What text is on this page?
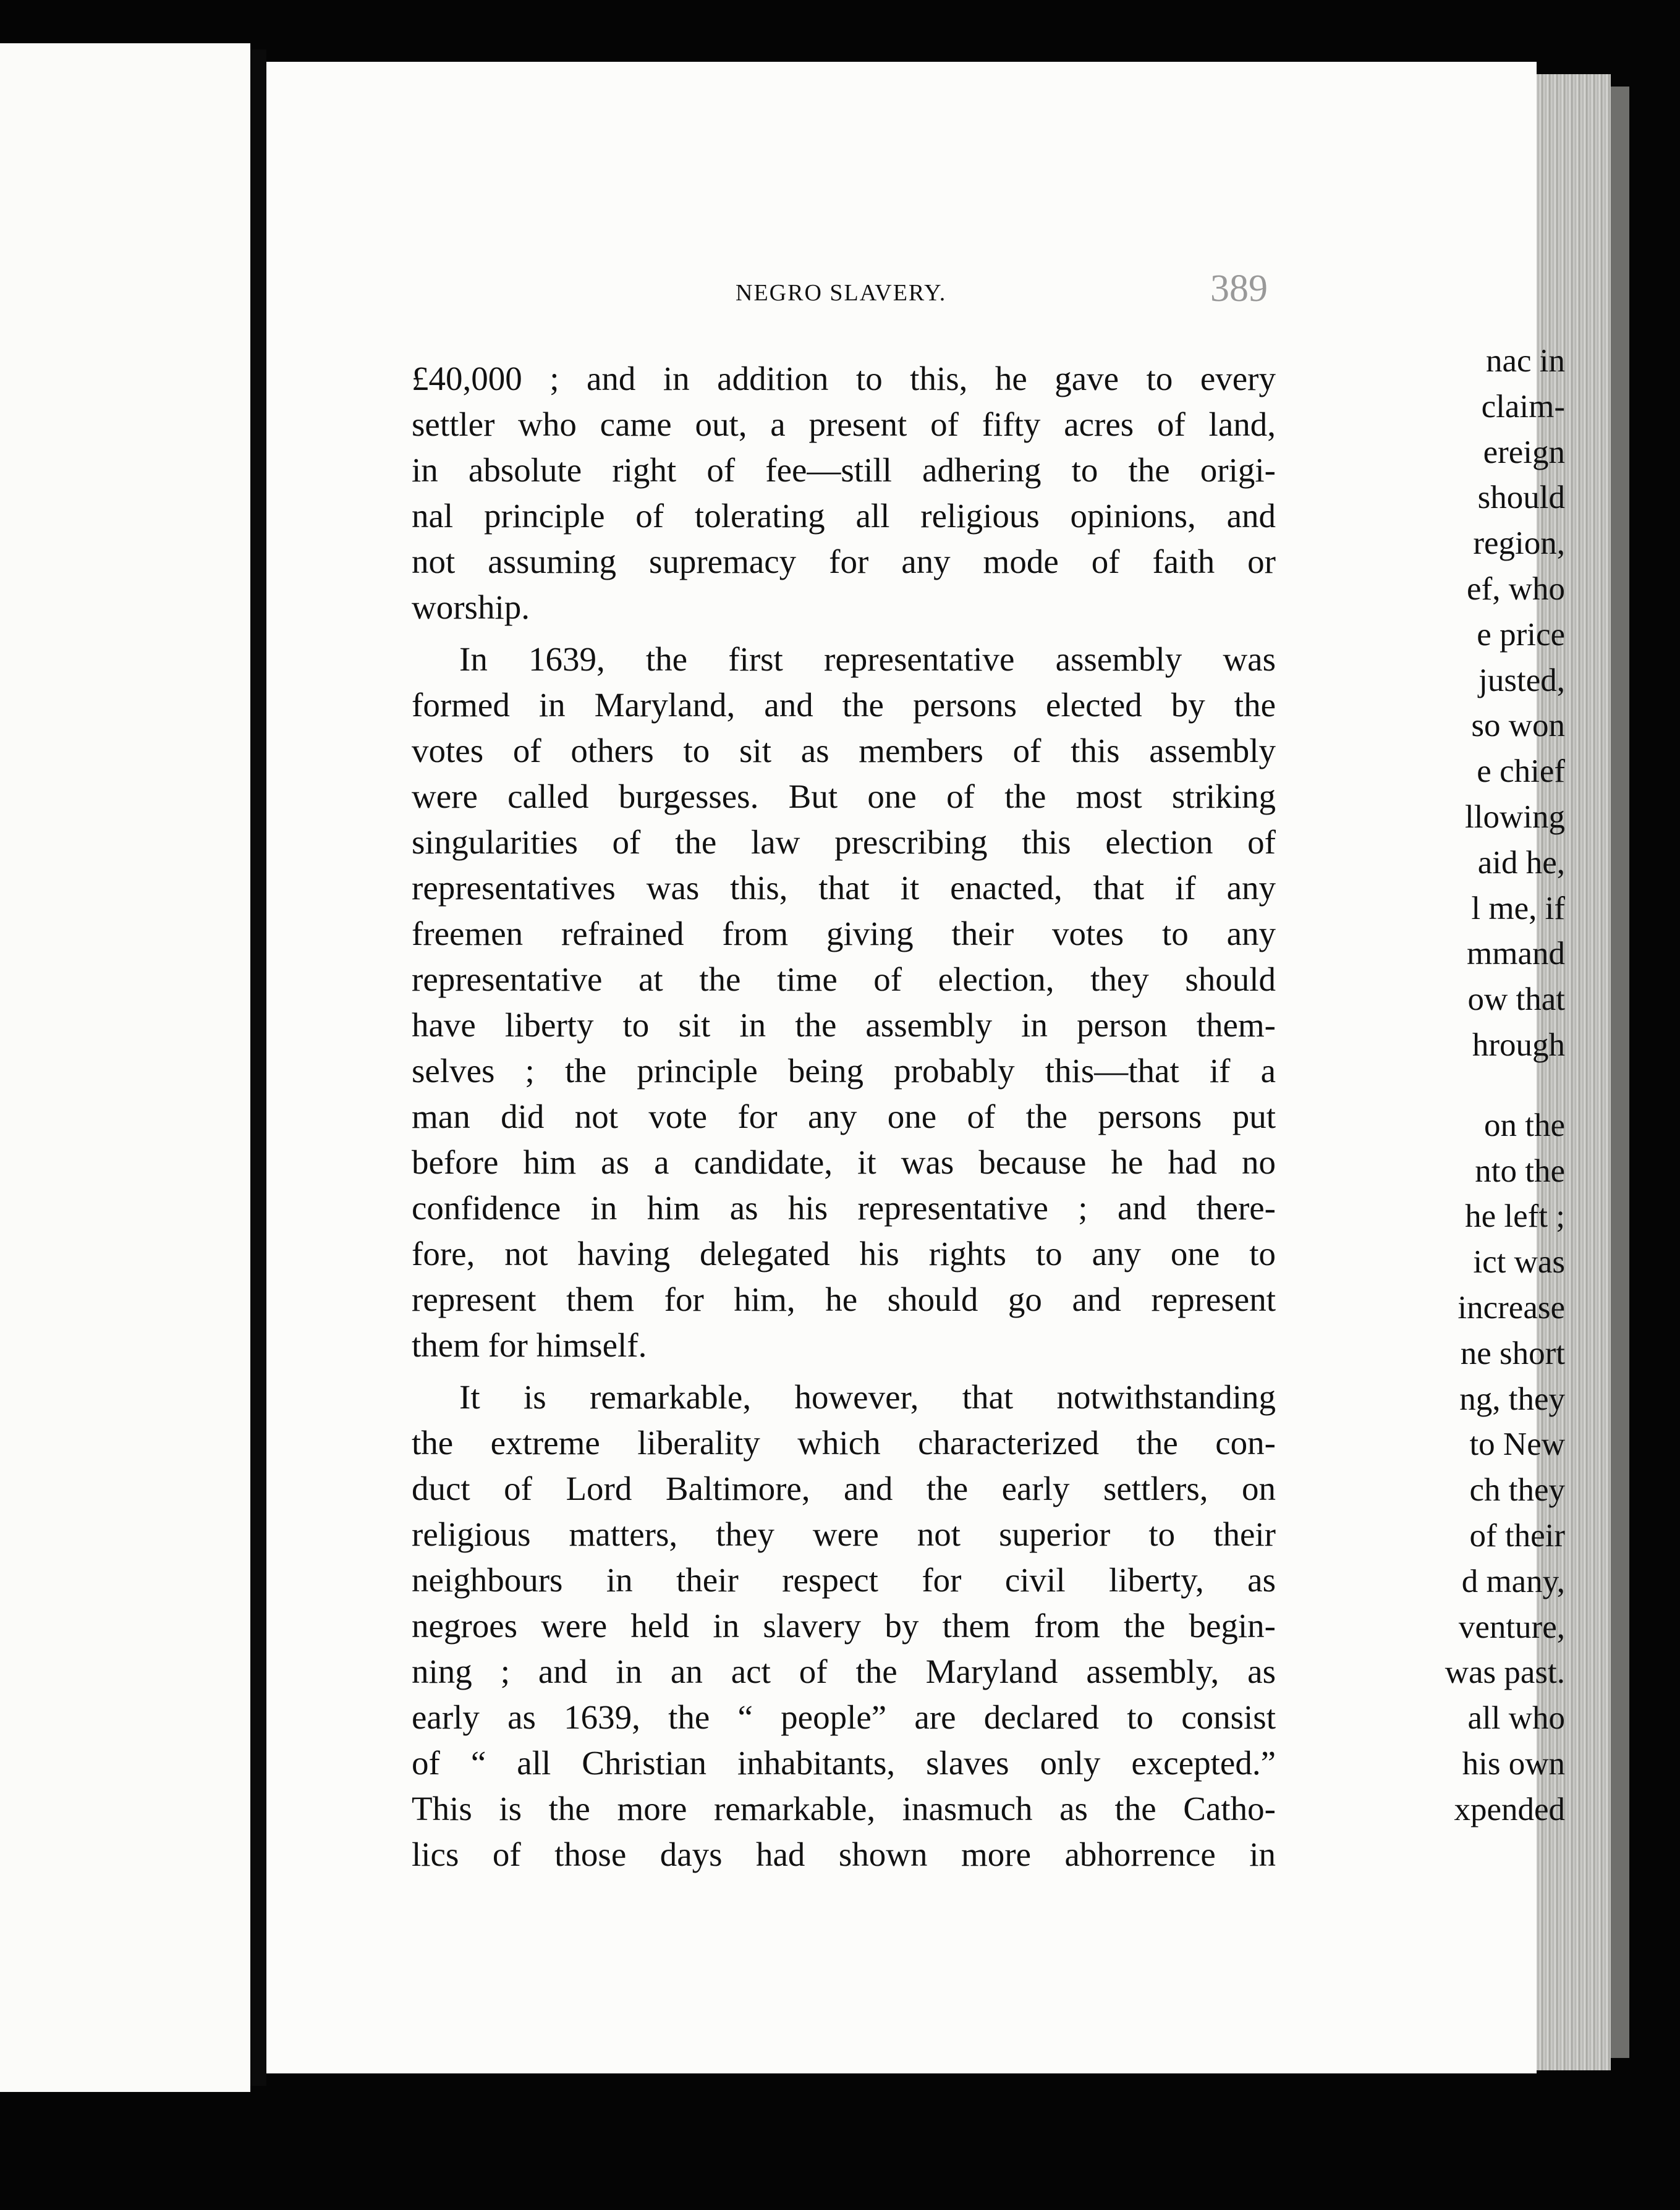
nac in
claim-
ereign
should
region,
ef, who
e price
justed,
so won
e chief
llowing
aid he,
l me, if
mmand
ow that
hrough
on the
nto the
he left ;
ict was
increase
ne short
ng, they
to New
ch they
of their
d many,
venture,
was past.
all who
his own
xpended
NEGRO SLAVERY.	389
£40,000 ; and in addition to this, he gave to every
settler who came out, a present of fifty acres of land,
in absolute right of fee—still adhering to the origi-
nal principle of tolerating all religious opinions, and
not assuming supremacy for any mode of faith or
worship.
In 1639, the first representative assembly was
formed in Maryland, and the persons elected by the
votes of others to sit as members of this assembly
were called burgesses. But one of the most striking
singularities of the law prescribing this election of
representatives was this, that it enacted, that if any
freemen refrained from giving their votes to any
representative at the time of election, they should
have liberty to sit in the assembly in person them-
selves ; the principle being probably this—that if a
man did not vote for any one of the persons put
before him as a candidate, it was because he had no
confidence in him as his representative ; and there-
fore, not having delegated his rights to any one to
represent them for him, he should go and represent
them for himself.
It is remarkable, however, that notwithstanding
the extreme liberality which characterized the con-
duct of Lord Baltimore, and the early settlers, on
religious matters, they were not superior to their
neighbours in their respect for civil liberty, as
negroes were held in slavery by them from the begin-
ning ; and in an act of the Maryland assembly, as
early as 1639, the “ people” are declared to consist
of “ all Christian inhabitants, slaves only excepted.”
This is the more remarkable, inasmuch as the Catho-
lics of those days had shown more abhorrence in
